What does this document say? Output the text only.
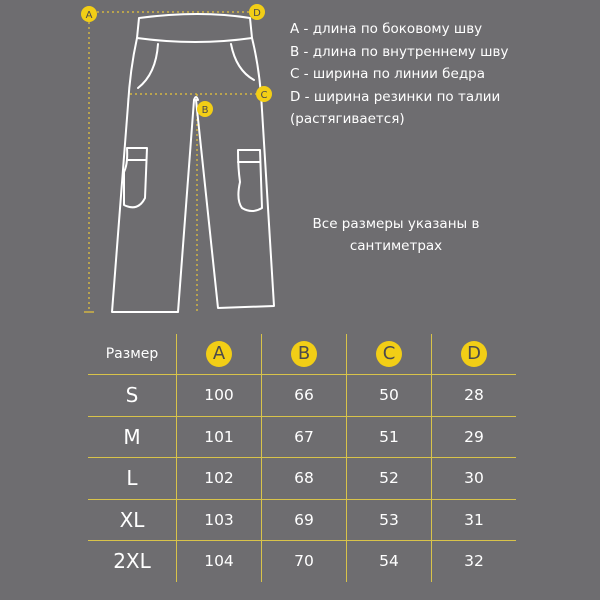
A	D
C
B
A - длина по боковому шву
B - длина по внутреннему шву
C - ширина по линии бедра
D - ширина резинки по талии
(растягивается)
Все размеры указаны в
сантиметрах
Размер	A	B	C	D
S	100	66	50	28
M	101	67	51	29
L	102	68	52	30
XL	103	69	53	31
2XL	104	70	54	32
